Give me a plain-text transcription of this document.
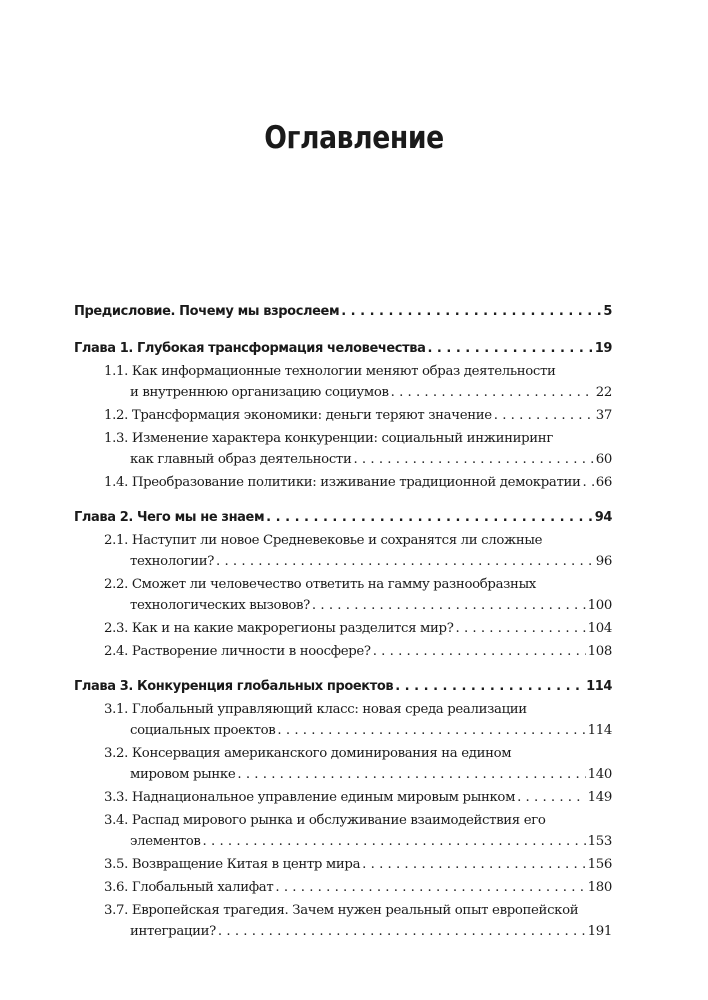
Оглавление
Предисловие. Почему мы взрослеем . . .	5
Глава 1. Глубокая трансформация человечества . . .	19
1.1. Как информационные технологии меняют образ деятельности
и внутреннюю организацию социумов . . .	22
1.2. Трансформация экономики: деньги теряют значение . . .	37
1.3. Изменение характера конкуренции: социальный инжиниринг
как главный образ деятельности . . .	60
1.4. Преобразование политики: изживание традиционной демократии . . . 66
Глава 2. Чего мы не знаем . . .	94
2.1. Наступит ли новое Средневековье и сохранятся ли сложные
технологии? . . .	96
2.2. Сможет ли человечество ответить на гамму разнообразных
технологических вызовов? . . .	100
2.3. Как и на какие макрорегионы разделится мир? . . .	104
2.4. Растворение личности в ноосфере? . . .	108
Глава 3. Конкуренция глобальных проектов . . .	114
3.1. Глобальный управляющий класс: новая среда реализации
социальных проектов . . .	114
3.2. Консервация американского доминирования на едином
мировом рынке . . .	140
3.3. Наднациональное управление единым мировым рынком . . .	149
3.4. Распад мирового рынка и обслуживание взаимодействия его
элементов . . .	153
3.5. Возвращение Китая в центр мира . . .	156
3.6. Глобальный халифат . . .	180
3.7. Европейская трагедия. Зачем нужен реальный опыт европейской
интеграции? . . .	191
